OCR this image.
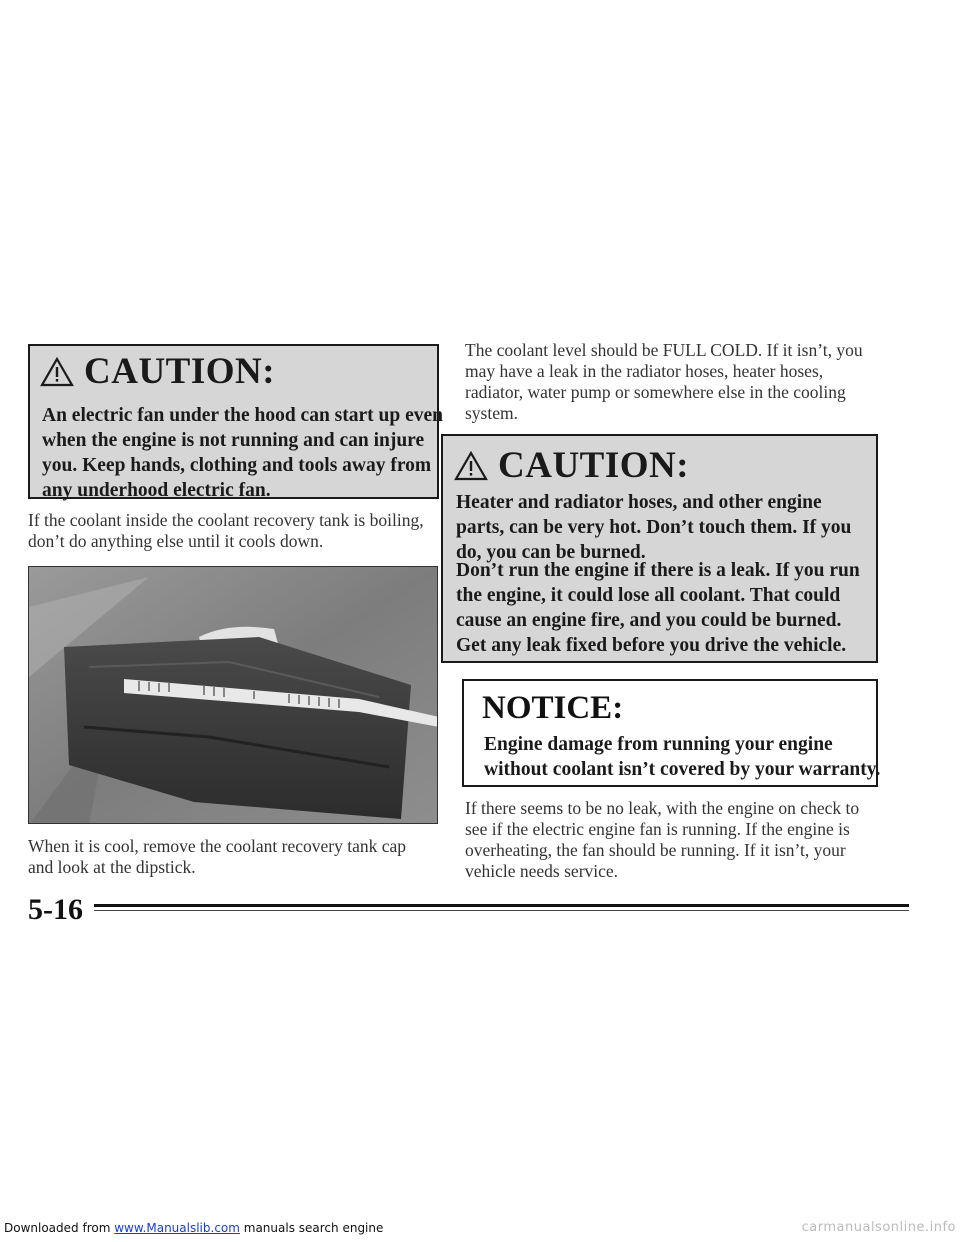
CAUTION:
An electric fan under the hood can start up even
when the engine is not running and can injure
you. Keep hands, clothing and tools away from
any underhood electric fan.
If the coolant inside the coolant recovery tank is boiling,
don’t do anything else until it cools down.
When it is cool, remove the coolant recovery tank cap
and look at the dipstick.
The coolant level should be FULL COLD. If it isn’t, you
may have a leak in the radiator hoses, heater hoses,
radiator, water pump or somewhere else in the cooling
system.
CAUTION:
Heater and radiator hoses, and other engine
parts, can be very hot. Don’t touch them. If you
do, you can be burned.
Don’t run the engine if there is a leak. If you run
the engine, it could lose all coolant. That could
cause an engine fire, and you could be burned.
Get any leak fixed before you drive the vehicle.
NOTICE:
Engine damage from running your engine
without coolant isn’t covered by your warranty.
If there seems to be no leak, with the engine on check to
see if the electric engine fan is running. If the engine is
overheating, the fan should be running. If it isn’t, your
vehicle needs service.
5-16
Downloaded from www.Manualslib.com manuals search engine	carmanualsonline.info
